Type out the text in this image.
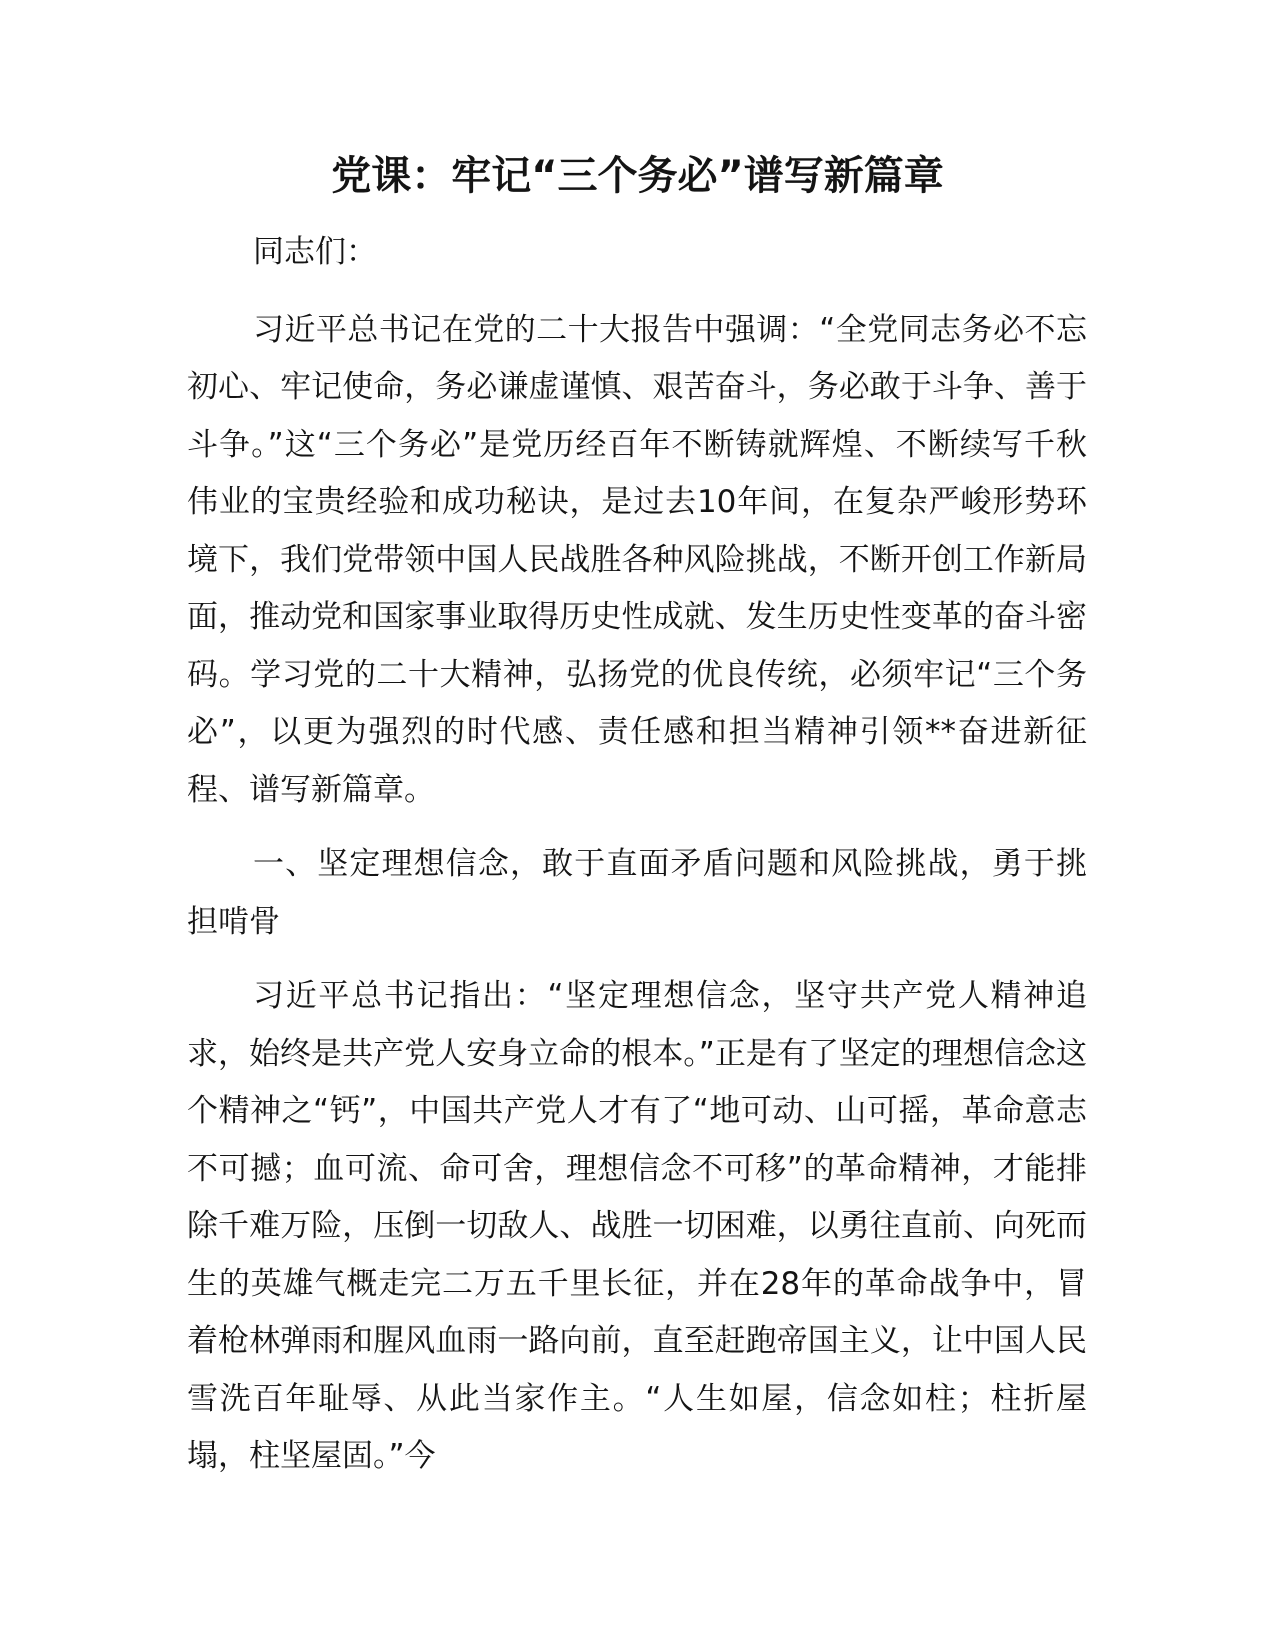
党课：牢记“三个务必”谱写新篇章

同志们：

习近平总书记在党的二十大报告中强调：“全党同志务必不忘初心、牢记使命，务必谦虚谨慎、艰苦奋斗，务必敢于斗争、善于斗争。”这“三个务必”是党历经百年不断铸就辉煌、不断续写千秋伟业的宝贵经验和成功秘诀，是过去10年间，在复杂严峻形势环境下，我们党带领中国人民战胜各种风险挑战，不断开创工作新局面，推动党和国家事业取得历史性成就、发生历史性变革的奋斗密码。学习党的二十大精神，弘扬党的优良传统，必须牢记“三个务必”，以更为强烈的时代感、责任感和担当精神引领**奋进新征程、谱写新篇章。

一、坚定理想信念，敢于直面矛盾问题和风险挑战，勇于挑担啃骨

习近平总书记指出：“坚定理想信念，坚守共产党人精神追求，始终是共产党人安身立命的根本。”正是有了坚定的理想信念这个精神之“钙”，中国共产党人才有了“地可动、山可摇，革命意志不可撼；血可流、命可舍，理想信念不可移”的革命精神，才能排除千难万险，压倒一切敌人、战胜一切困难，以勇往直前、向死而生的英雄气概走完二万五千里长征，并在28年的革命战争中，冒着枪林弹雨和腥风血雨一路向前，直至赶跑帝国主义，让中国人民雪洗百年耻辱、从此当家作主。“人生如屋，信念如柱；柱折屋塌，柱坚屋固。”今
